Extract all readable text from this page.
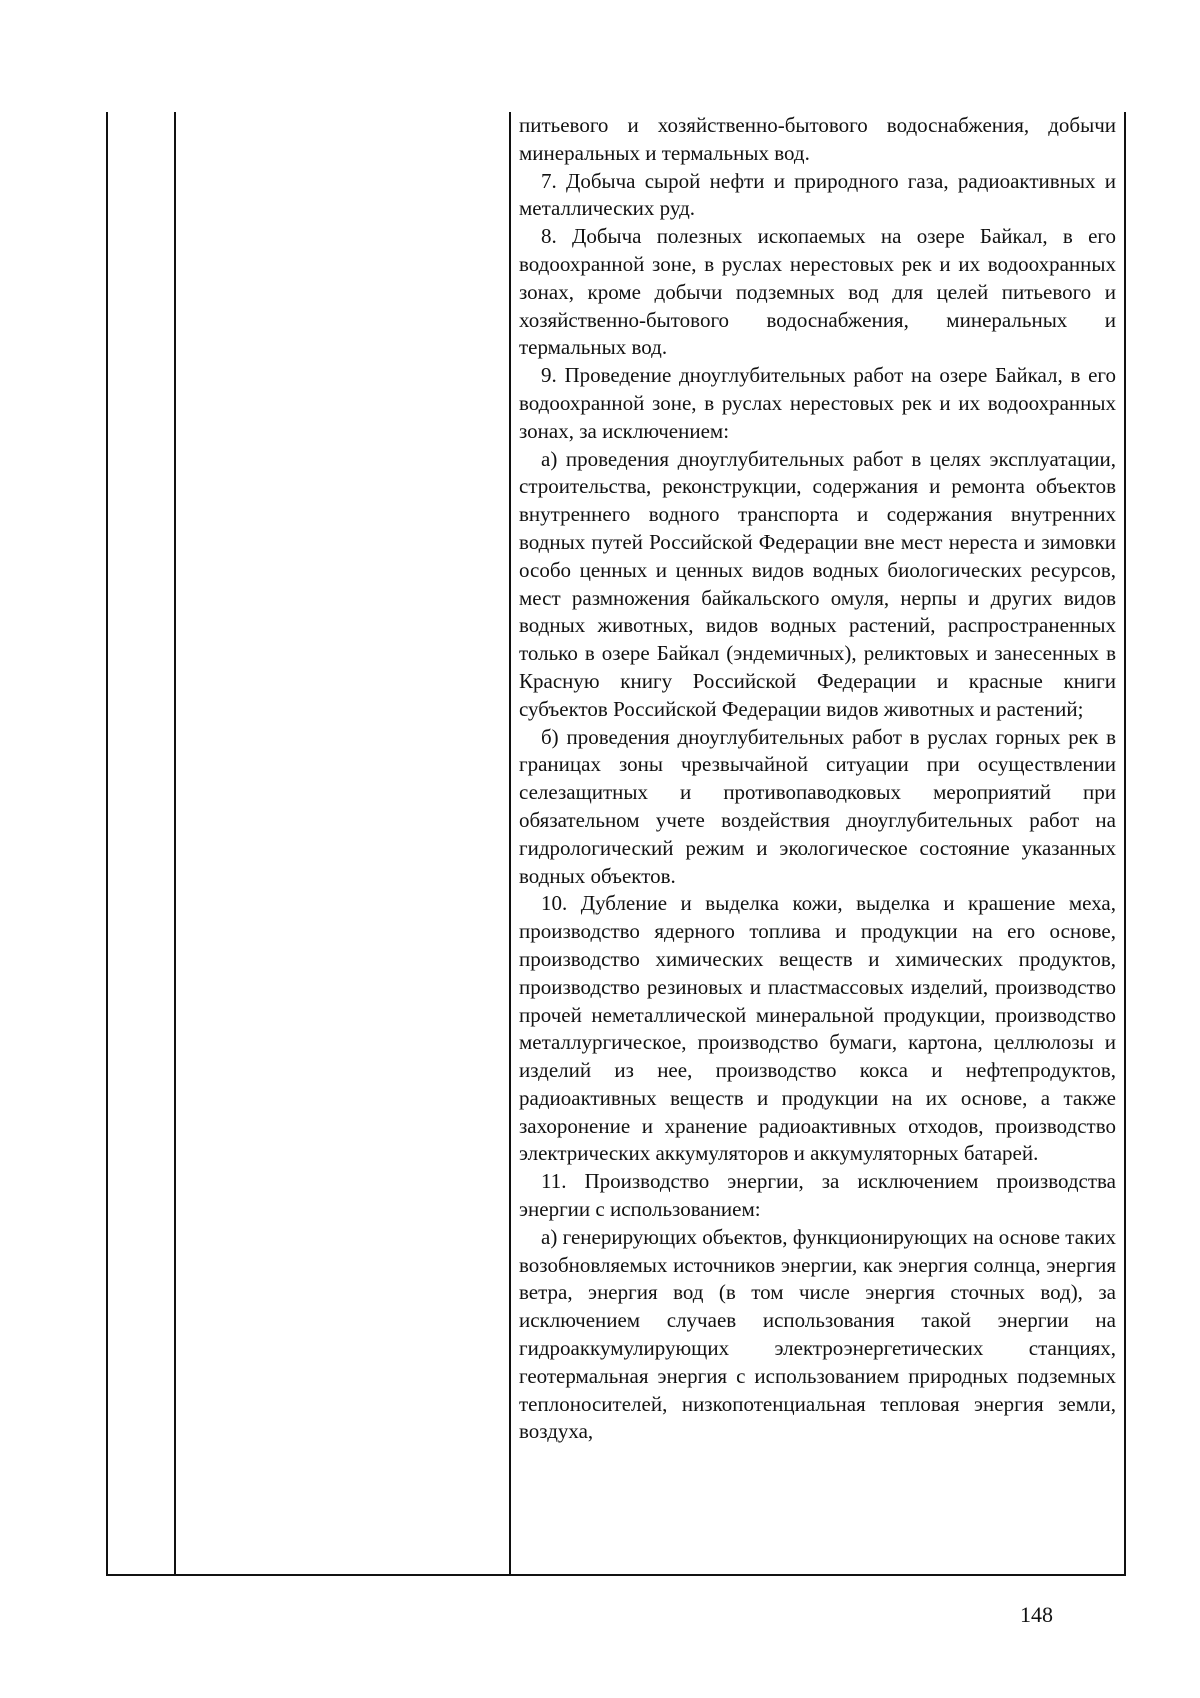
питьевого и хозяйственно-бытового водоснабжения, добычи минеральных и термальных вод.

7. Добыча сырой нефти и природного газа, радиоактивных и металлических руд.

8. Добыча полезных ископаемых на озере Байкал, в его водоохранной зоне, в руслах нерестовых рек и их водоохранных зонах, кроме добычи подземных вод для целей питьевого и хозяйственно-бытового водоснабжения, минеральных и термальных вод.

9. Проведение дноуглубительных работ на озере Байкал, в его водоохранной зоне, в руслах нерестовых рек и их водоохранных зонах, за исключением:

а) проведения дноуглубительных работ в целях эксплуатации, строительства, реконструкции, содержания и ремонта объектов внутреннего водного транспорта и содержания внутренних водных путей Российской Федерации вне мест нереста и зимовки особо ценных и ценных видов водных биологических ресурсов, мест размножения байкальского омуля, нерпы и других видов водных животных, видов водных растений, распространенных только в озере Байкал (эндемичных), реликтовых и занесенных в Красную книгу Российской Федерации и красные книги субъектов Российской Федерации видов животных и растений;

б) проведения дноуглубительных работ в руслах горных рек в границах зоны чрезвычайной ситуации при осуществлении селезащитных и противопаводковых мероприятий при обязательном учете воздействия дноуглубительных работ на гидрологический режим и экологическое состояние указанных водных объектов.

10. Дубление и выделка кожи, выделка и крашение меха, производство ядерного топлива и продукции на его основе, производство химических веществ и химических продуктов, производство резиновых и пластмассовых изделий, производство прочей неметаллической минеральной продукции, производство металлургическое, производство бумаги, картона, целлюлозы и изделий из нее, производство кокса и нефтепродуктов, радиоактивных веществ и продукции на их основе, а также захоронение и хранение радиоактивных отходов, производство электрических аккумуляторов и аккумуляторных батарей.

11. Производство энергии, за исключением производства энергии с использованием:

а) генерирующих объектов, функционирующих на основе таких возобновляемых источников энергии, как энергия солнца, энергия ветра, энергия вод (в том числе энергия сточных вод), за исключением случаев использования такой энергии на гидроаккумулирующих электроэнергетических станциях, геотермальная энергия с использованием природных подземных теплоносителей, низкопотенциальная тепловая энергия земли, воздуха,

148
